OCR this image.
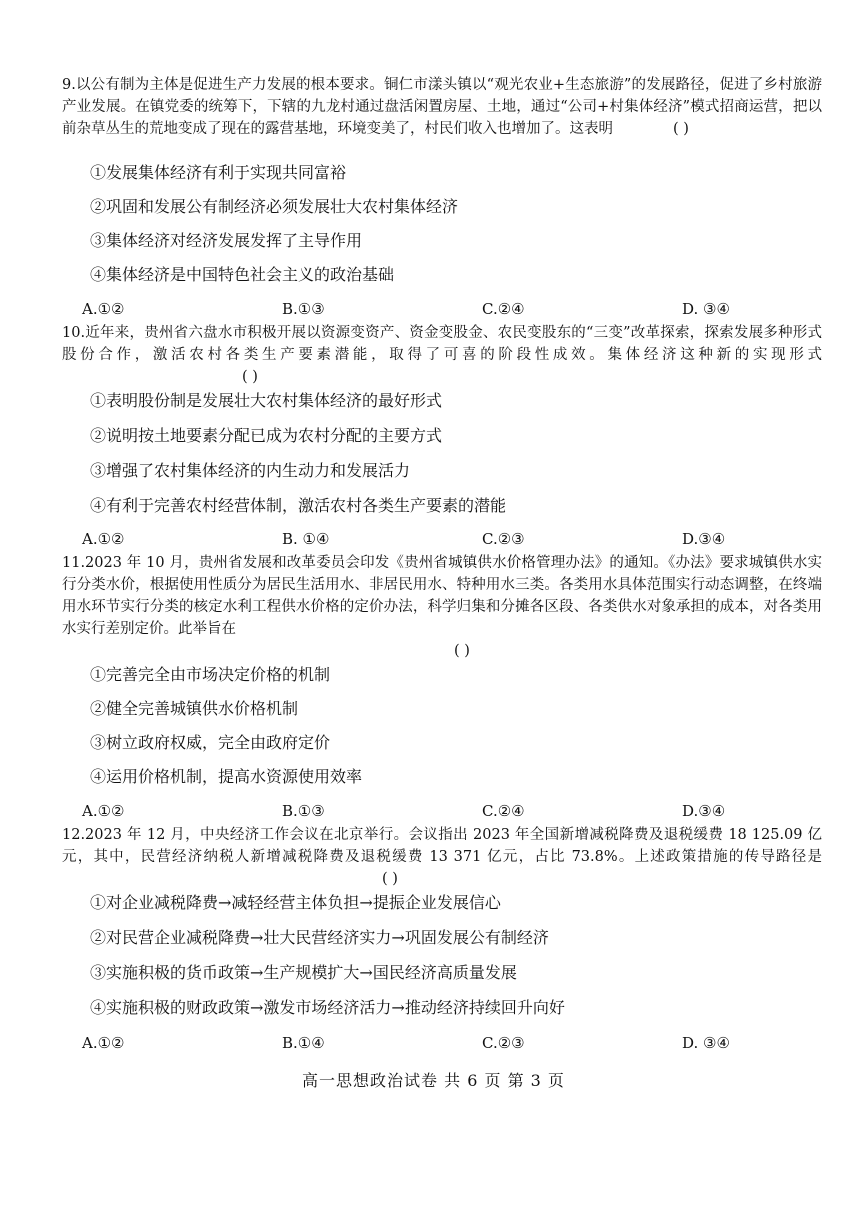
9.以公有制为主体是促进生产力发展的根本要求。铜仁市漾头镇以“观光农业+生态旅游”的发展路径，促进了乡村旅游产业发展。在镇党委的统筹下，下辖的九龙村通过盘活闲置房屋、土地，通过“公司+村集体经济”模式招商运营，把以前杂草丛生的荒地变成了现在的露营基地，环境变美了，村民们收入也增加了。这表明	( )
①发展集体经济有利于实现共同富裕
②巩固和发展公有制经济必须发展壮大农村集体经济
③集体经济对经济发展发挥了主导作用
④集体经济是中国特色社会主义的政治基础
A.①②	B.①③	C.②④	D. ③④
10.近年来，贵州省六盘水市积极开展以资源变资产、资金变股金、农民变股东的“三变”改革探索，探索发展多种形式股份合作，激活农村各类生产要素潜能，取得了可喜的阶段性成效。集体经济这种新的实现形式( )
①表明股份制是发展壮大农村集体经济的最好形式
②说明按土地要素分配已成为农村分配的主要方式
③增强了农村集体经济的内生动力和发展活力
④有利于完善农村经营体制，激活农村各类生产要素的潜能
A.①②	B. ①④	C.②③	D.③④
11.2023 年 10 月，贵州省发展和改革委员会印发《贵州省城镇供水价格管理办法》的通知。《办法》要求城镇供水实行分类水价，根据使用性质分为居民生活用水、非居民用水、特种用水三类。各类用水具体范围实行动态调整，在终端用水环节实行分类的核定水利工程供水价格的定价办法，科学归集和分摊各区段、各类供水对象承担的成本，对各类用水实行差别定价。此举旨在
( )
①完善完全由市场决定价格的机制
②健全完善城镇供水价格机制
③树立政府权威，完全由政府定价
④运用价格机制，提高水资源使用效率
A.①②	B.①③	C.②④	D.③④
12.2023 年 12 月，中央经济工作会议在北京举行。会议指出 2023 年全国新增减税降费及退税缓费 18 125.09 亿元，其中，民营经济纳税人新增减税降费及退税缓费 13 371 亿元，占比 73.8%。上述政策措施的传导路径是( )
①对企业减税降费→减轻经营主体负担→提振企业发展信心
②对民营企业减税降费→壮大民营经济实力→巩固发展公有制经济
③实施积极的货币政策→生产规模扩大→国民经济高质量发展
④实施积极的财政政策→激发市场经济活力→推动经济持续回升向好
A.①②	B.①④	C.②③	D. ③④
高一思想政治试卷 共 6 页 第 3 页
